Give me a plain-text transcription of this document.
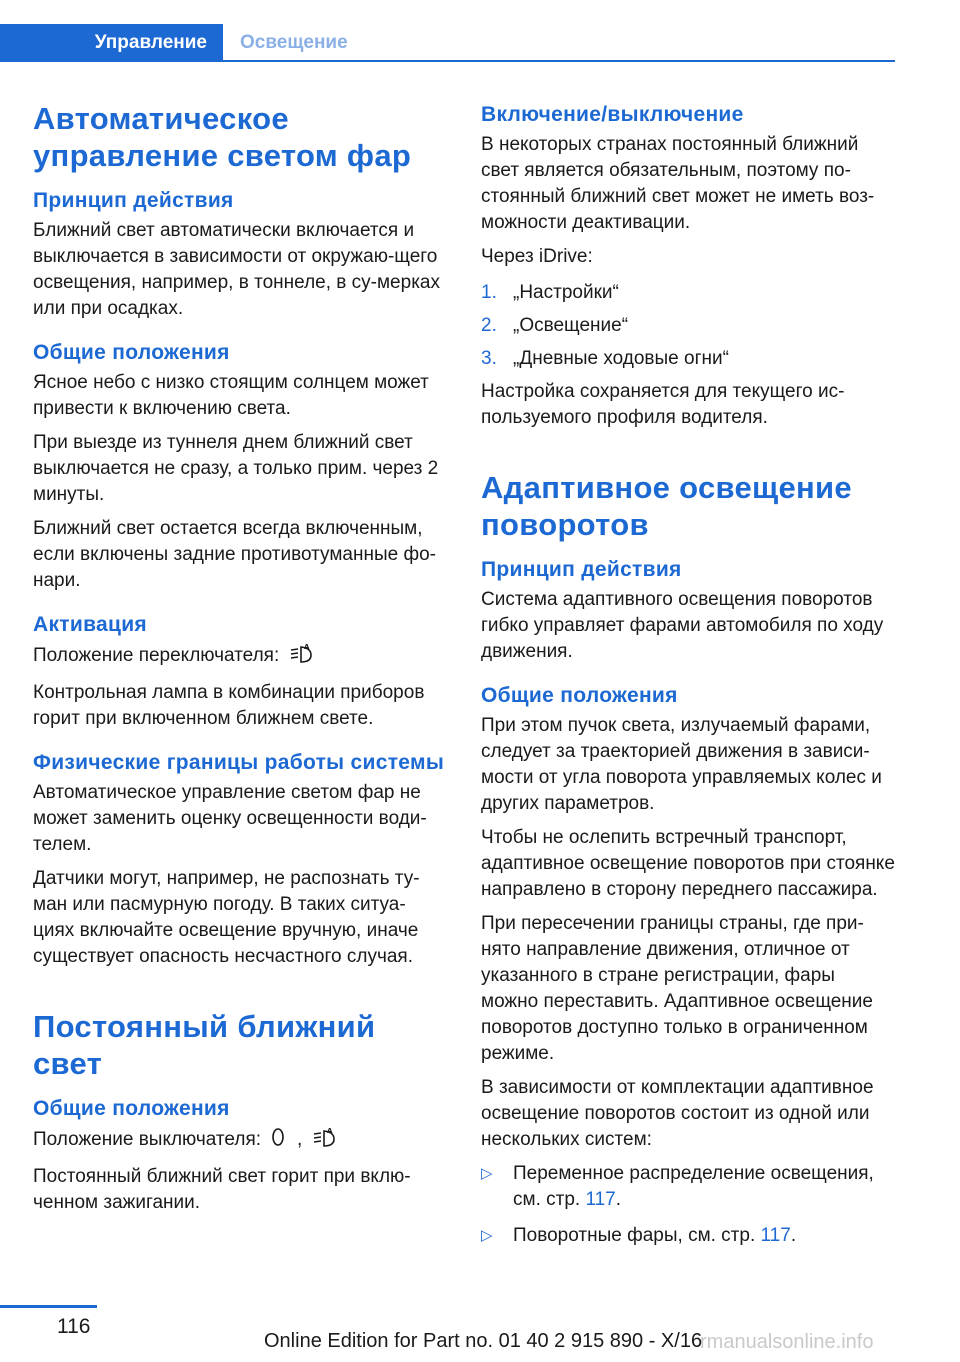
Управление	Освещение
Автоматическое управление светом фар
Принцип действия

Ближний свет автоматически включается и выключается в зависимости от окружаю-щего освещения, например, в тоннеле, в су-мерках или при осадках.

Общие положения

Ясное небо с низко стоящим солнцем может привести к включению света.

При выезде из туннеля днем ближний свет выключается не сразу, а только прим. через 2 минуты.

Ближний свет остается всегда включенным, если включены задние противотуманные фо-нари.

Активация

Положение переключателя:	A

Контрольная лампа в комбинации приборов горит при включенном ближнем свете.

Физические границы работы системы

Автоматическое управление светом фар не может заменить оценку освещенности води-телем.

Датчики могут, например, не распознать ту-ман или пасмурную погоду. В таких ситуа-циях включайте освещение вручную, иначе существует опасность несчастного случая.

Постоянный ближний свет
Общие положения

Положение выключателя: ,	A

Постоянный ближний свет горит при вклю-ченном зажигании.

Включение/выключение

В некоторых странах постоянный ближний свет является обязательным, поэтому по-стоянный ближний свет может не иметь воз-можности деактивации.

Через iDrive:

1. „Настройки“
2. „Освещение“
3. „Дневные ходовые огни“

Настройка сохраняется для текущего ис-пользуемого профиля водителя.

Адаптивное освещение поворотов
Принцип действия

Система адаптивного освещения поворотов гибко управляет фарами автомобиля по ходу движения.

Общие положения

При этом пучок света, излучаемый фарами, следует за траекторией движения в зависи-мости от угла поворота управляемых колес и других параметров.

Чтобы не ослепить встречный транспорт, адаптивное освещение поворотов при стоянке направлено в сторону переднего пассажира.

При пересечении границы страны, где при-нято направление движения, отличное от указанного в стране регистрации, фары можно переставить. Адаптивное освещение поворотов доступно только в ограниченном режиме.

В зависимости от комплектации адаптивное освещение поворотов состоит из одной или нескольких систем:

▷ Переменное распределение освещения, см. стр. 117.
▷ Поворотные фары, см. стр. 117.
116
Online Edition for Part no. 01 40 2 915 890 - X/16
rmanualsonline.info
